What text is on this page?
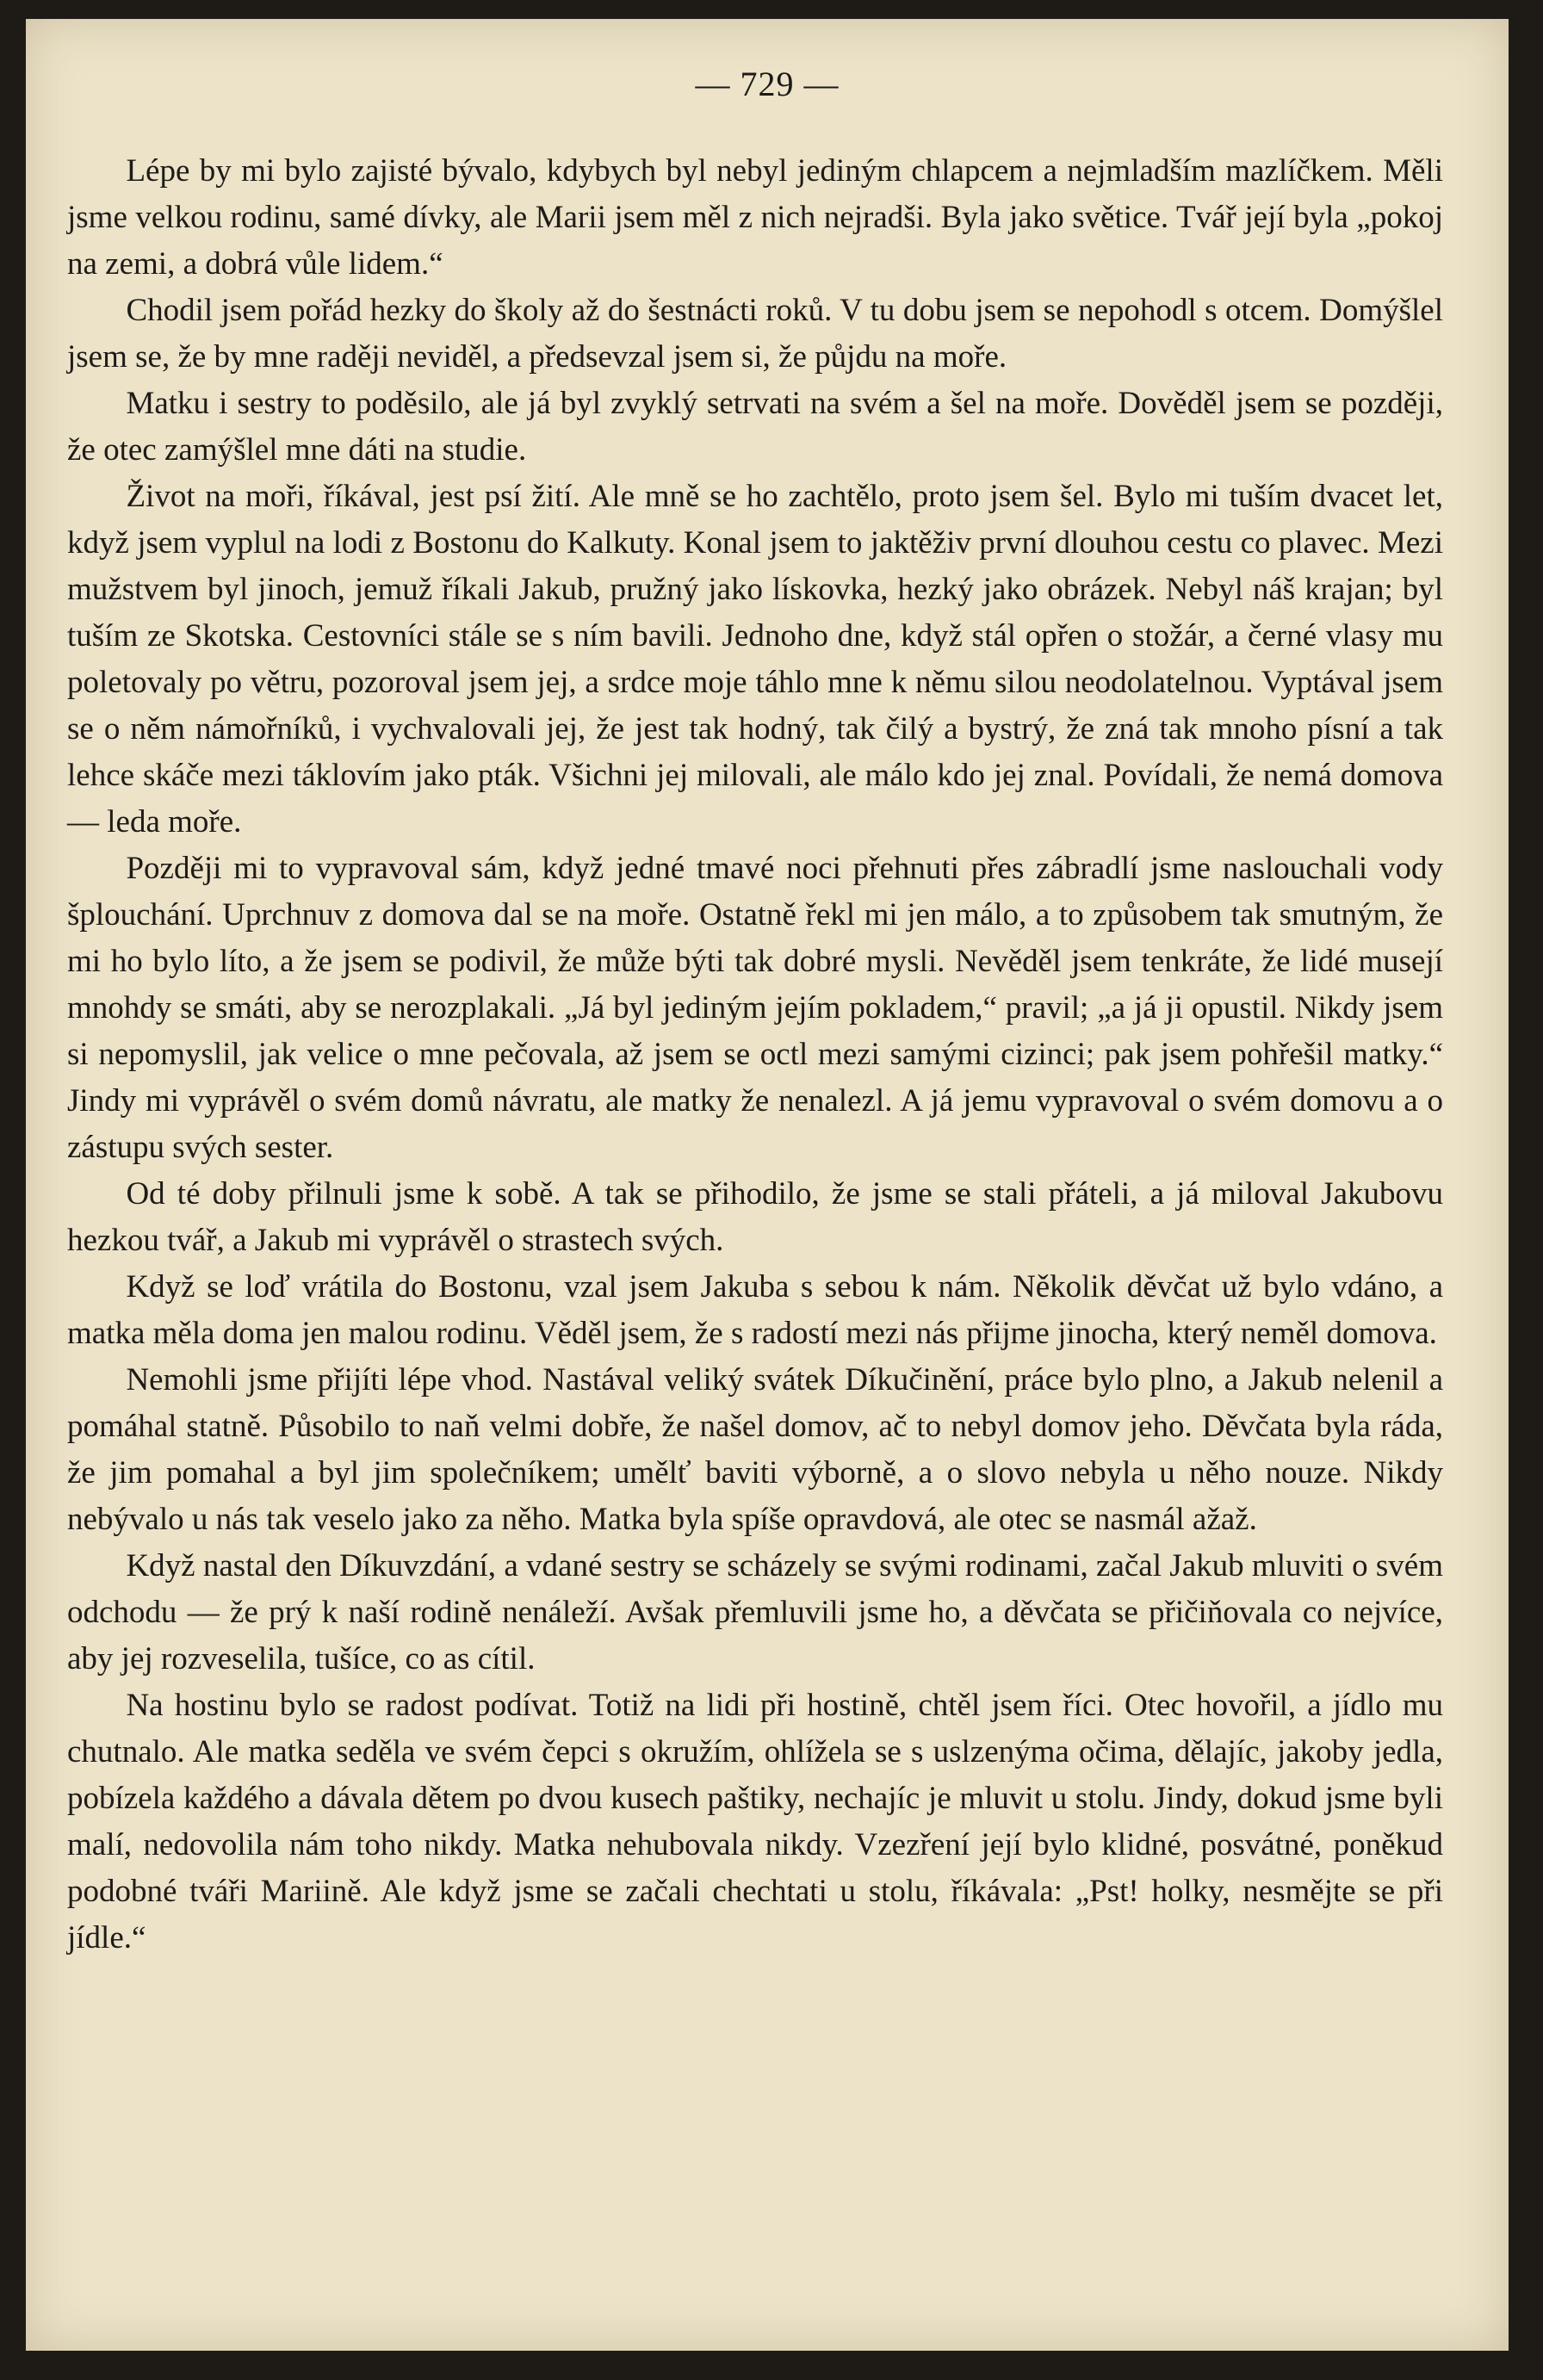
— 729 —

Lépe by mi bylo zajisté bývalo, kdybych byl nebyl jediným chlapcem a nejmladším mazlíčkem. Měli jsme velkou rodinu, samé dívky, ale Marii jsem měl z nich nejradši. Byla jako světice. Tvář její byla „pokoj na zemi, a dobrá vůle lidem.“

Chodil jsem pořád hezky do školy až do šestnácti roků. V tu dobu jsem se nepohodl s otcem. Domýšlel jsem se, že by mne raději neviděl, a předsevzal jsem si, že půjdu na moře.

Matku i sestry to poděsilo, ale já byl zvyklý setrvati na svém a šel na moře. Dověděl jsem se později, že otec zamýšlel mne dáti na studie.

Život na moři, říkával, jest psí žití. Ale mně se ho zachtělo, proto jsem šel. Bylo mi tuším dvacet let, když jsem vyplul na lodi z Bostonu do Kalkuty. Konal jsem to jaktěživ první dlouhou cestu co plavec. Mezi mužstvem byl jinoch, jemuž říkali Jakub, pružný jako lískovka, hezký jako obrázek. Nebyl náš krajan; byl tuším ze Skotska. Cestovníci stále se s ním bavili. Jednoho dne, když stál opřen o stožár, a černé vlasy mu poletovaly po větru, pozoroval jsem jej, a srdce moje táhlo mne k němu silou neodolatelnou. Vyptával jsem se o něm námořníků, i vychvalovali jej, že jest tak hodný, tak čilý a bystrý, že zná tak mnoho písní a tak lehce skáče mezi táklovím jako pták. Všichni jej milovali, ale málo kdo jej znal. Povídali, že nemá domova — leda moře.

Později mi to vypravoval sám, když jedné tmavé noci přehnuti přes zábradlí jsme naslouchali vody šplouchání. Uprchnuv z domova dal se na moře. Ostatně řekl mi jen málo, a to způsobem tak smutným, že mi ho bylo líto, a že jsem se podivil, že může býti tak dobré mysli. Nevěděl jsem tenkráte, že lidé musejí mnohdy se smáti, aby se nerozplakali. „Já byl jediným jejím pokladem,“ pravil; „a já ji opustil. Nikdy jsem si nepomyslil, jak velice o mne pečovala, až jsem se octl mezi samými cizinci; pak jsem pohřešil matky.“ Jindy mi vyprávěl o svém domů návratu, ale matky že nenalezl. A já jemu vypravoval o svém domovu a o zástupu svých sester.

Od té doby přilnuli jsme k sobě. A tak se přihodilo, že jsme se stali přáteli, a já miloval Jakubovu hezkou tvář, a Jakub mi vyprávěl o strastech svých.

Když se loď vrátila do Bostonu, vzal jsem Jakuba s sebou k nám. Několik děvčat už bylo vdáno, a matka měla doma jen malou rodinu. Věděl jsem, že s radostí mezi nás přijme jinocha, který neměl domova.

Nemohli jsme přijíti lépe vhod. Nastával veliký svátek Díkučinění, práce bylo plno, a Jakub nelenil a pomáhal statně. Působilo to naň velmi dobře, že našel domov, ač to nebyl domov jeho. Děvčata byla ráda, že jim pomahal a byl jim společníkem; umělť baviti výborně, a o slovo nebyla u něho nouze. Nikdy nebývalo u nás tak veselo jako za něho. Matka byla spíše opravdová, ale otec se nasmál ažaž.

Když nastal den Díkuvzdání, a vdané sestry se scházely se svými rodinami, začal Jakub mluviti o svém odchodu — že prý k naší rodině nenáleží. Avšak přemluvili jsme ho, a děvčata se přičiňovala co nejvíce, aby jej rozveselila, tušíce, co as cítil.

Na hostinu bylo se radost podívat. Totiž na lidi při hostině, chtěl jsem říci. Otec hovořil, a jídlo mu chutnalo. Ale matka seděla ve svém čepci s okružím, ohlížela se s uslzenýma očima, dělajíc, jakoby jedla, pobízela každého a dávala dětem po dvou kusech paštiky, nechajíc je mluvit u stolu. Jindy, dokud jsme byli malí, nedovolila nám toho nikdy. Matka nehubovala nikdy. Vzezření její bylo klidné, posvátné, poněkud podobné tváři Mariině. Ale když jsme se začali chechtati u stolu, říkávala: „Pst! holky, nesmějte se při jídle.“
